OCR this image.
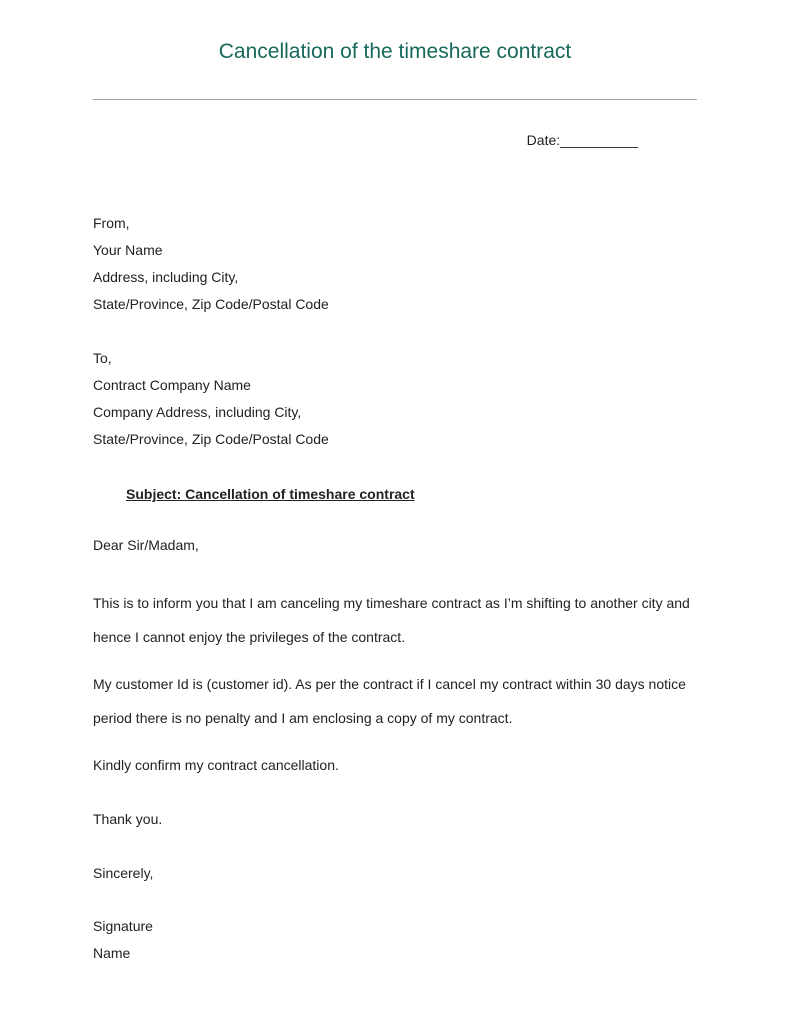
Cancellation of the timeshare contract
Date:__________
From,
Your Name
Address, including City,
State/Province, Zip Code/Postal Code
To,
Contract Company Name
Company Address, including City,
State/Province, Zip Code/Postal Code
Subject: Cancellation of timeshare contract
Dear Sir/Madam,

This is to inform you that I am canceling my timeshare contract as I’m shifting to another city and hence I cannot enjoy the privileges of the contract.

My customer Id is (customer id). As per the contract if I cancel my contract within 30 days notice period there is no penalty and I am enclosing a copy of my contract.

Kindly confirm my contract cancellation.

Thank you.

Sincerely,

Signature
Name
